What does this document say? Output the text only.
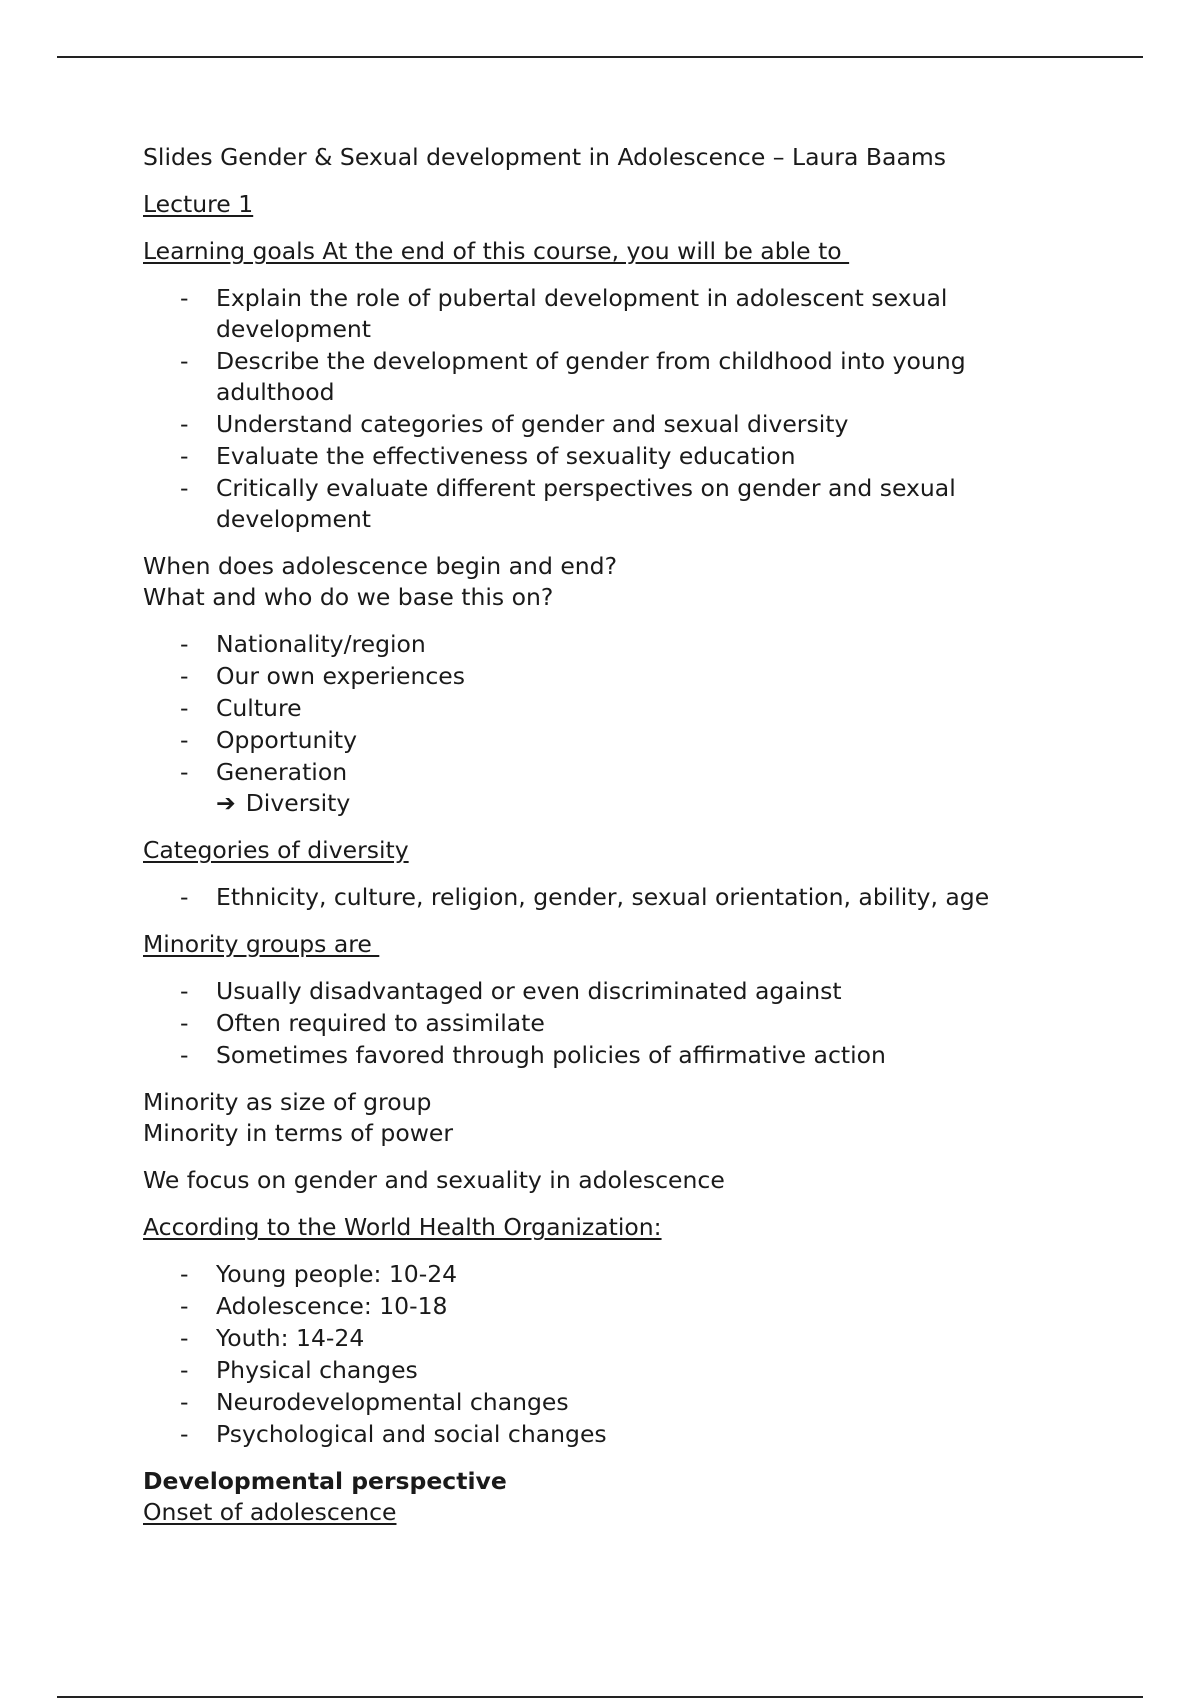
Slides Gender & Sexual development in Adolescence – Laura Baams

Lecture 1

Learning goals At the end of this course, you will be able to

- Explain the role of pubertal development in adolescent sexual development
- Describe the development of gender from childhood into young adulthood
- Understand categories of gender and sexual diversity
- Evaluate the effectiveness of sexuality education
- Critically evaluate different perspectives on gender and sexual development

When does adolescence begin and end?

What and who do we base this on?

- Nationality/region
- Our own experiences
- Culture
- Opportunity
- Generation
➔ Diversity

Categories of diversity

- Ethnicity, culture, religion, gender, sexual orientation, ability, age

Minority groups are

- Usually disadvantaged or even discriminated against
- Often required to assimilate
- Sometimes favored through policies of affirmative action

Minority as size of group

Minority in terms of power

We focus on gender and sexuality in adolescence

According to the World Health Organization:

- Young people: 10-24
- Adolescence: 10-18
- Youth: 14-24
- Physical changes
- Neurodevelopmental changes
- Psychological and social changes

Developmental perspective

Onset of adolescence
